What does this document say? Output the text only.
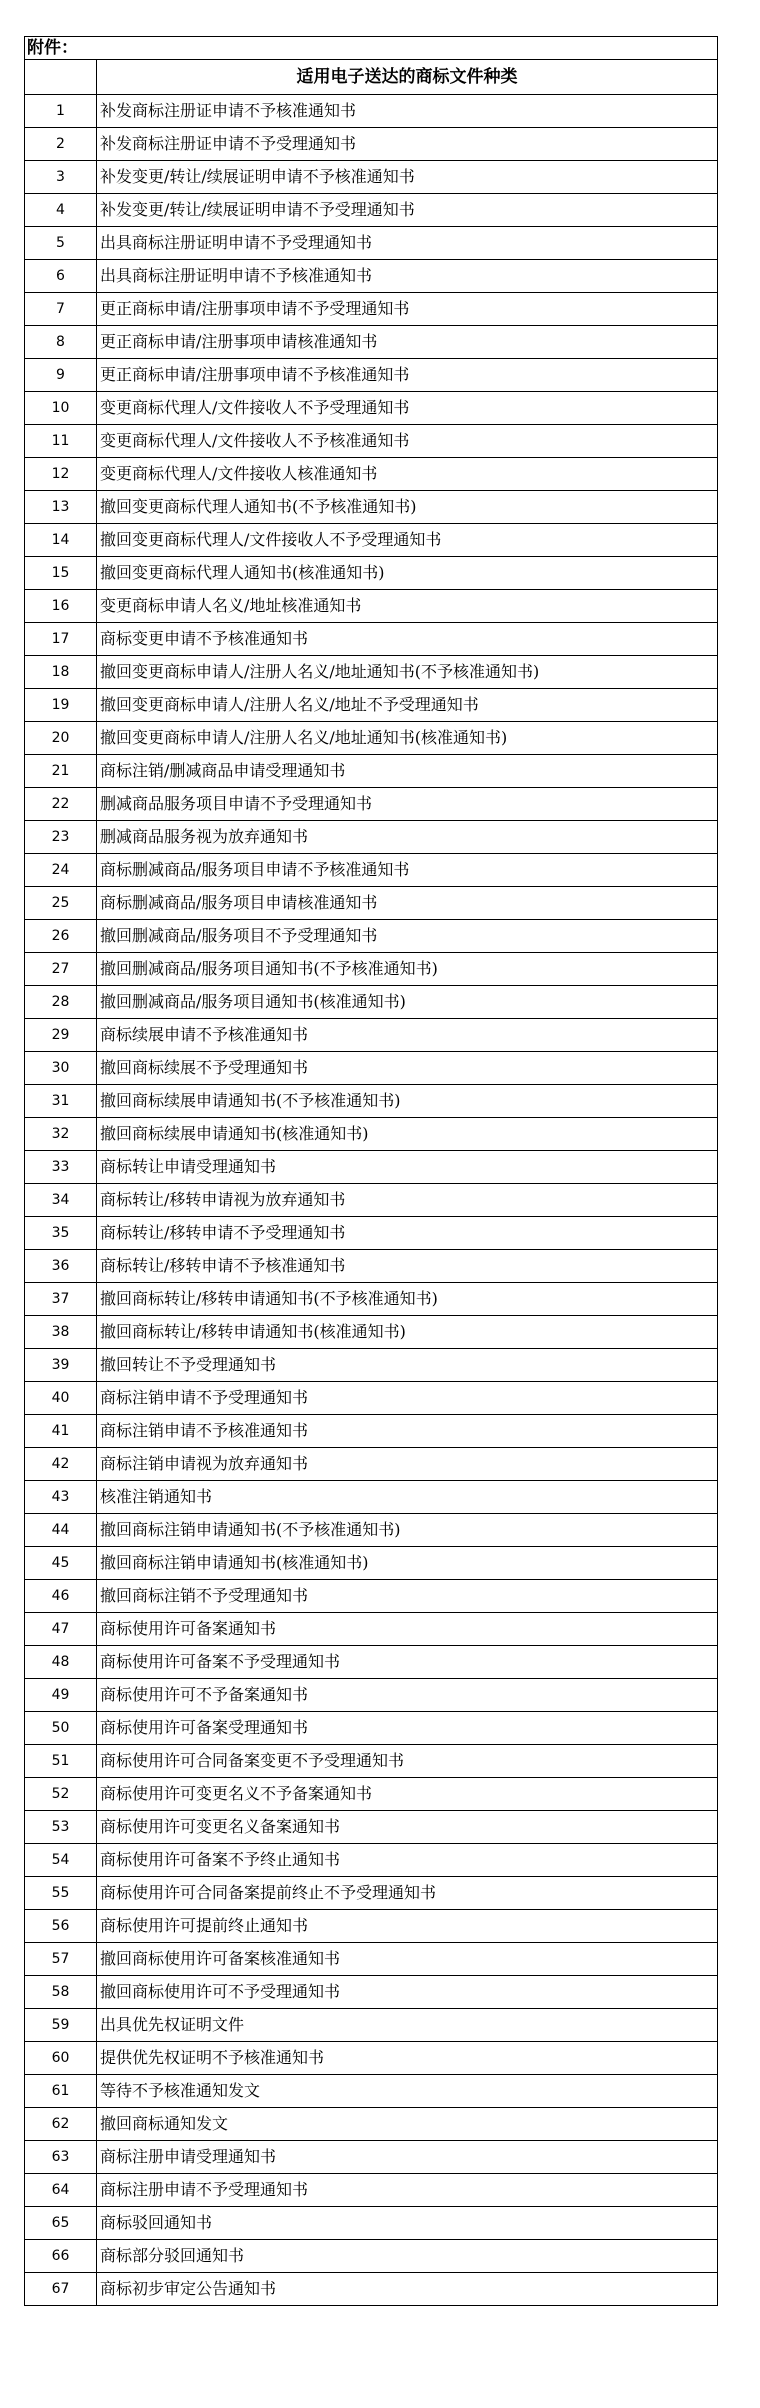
附件：	
	适用电子送达的商标文件种类
1	补发商标注册证申请不予核准通知书
2	补发商标注册证申请不予受理通知书
3	补发变更/转让/续展证明申请不予核准通知书
4	补发变更/转让/续展证明申请不予受理通知书
5	出具商标注册证明申请不予受理通知书
6	出具商标注册证明申请不予核准通知书
7	更正商标申请/注册事项申请不予受理通知书
8	更正商标申请/注册事项申请核准通知书
9	更正商标申请/注册事项申请不予核准通知书
10	变更商标代理人/文件接收人不予受理通知书
11	变更商标代理人/文件接收人不予核准通知书
12	变更商标代理人/文件接收人核准通知书
13	撤回变更商标代理人通知书(不予核准通知书)
14	撤回变更商标代理人/文件接收人不予受理通知书
15	撤回变更商标代理人通知书(核准通知书)
16	变更商标申请人名义/地址核准通知书
17	商标变更申请不予核准通知书
18	撤回变更商标申请人/注册人名义/地址通知书(不予核准通知书)
19	撤回变更商标申请人/注册人名义/地址不予受理通知书
20	撤回变更商标申请人/注册人名义/地址通知书(核准通知书)
21	商标注销/删减商品申请受理通知书
22	删减商品服务项目申请不予受理通知书
23	删减商品服务视为放弃通知书
24	商标删减商品/服务项目申请不予核准通知书
25	商标删减商品/服务项目申请核准通知书
26	撤回删减商品/服务项目不予受理通知书
27	撤回删减商品/服务项目通知书(不予核准通知书)
28	撤回删减商品/服务项目通知书(核准通知书)
29	商标续展申请不予核准通知书
30	撤回商标续展不予受理通知书
31	撤回商标续展申请通知书(不予核准通知书)
32	撤回商标续展申请通知书(核准通知书)
33	商标转让申请受理通知书
34	商标转让/移转申请视为放弃通知书
35	商标转让/移转申请不予受理通知书
36	商标转让/移转申请不予核准通知书
37	撤回商标转让/移转申请通知书(不予核准通知书)
38	撤回商标转让/移转申请通知书(核准通知书)
39	撤回转让不予受理通知书
40	商标注销申请不予受理通知书
41	商标注销申请不予核准通知书
42	商标注销申请视为放弃通知书
43	核准注销通知书
44	撤回商标注销申请通知书(不予核准通知书)
45	撤回商标注销申请通知书(核准通知书)
46	撤回商标注销不予受理通知书
47	商标使用许可备案通知书
48	商标使用许可备案不予受理通知书
49	商标使用许可不予备案通知书
50	商标使用许可备案受理通知书
51	商标使用许可合同备案变更不予受理通知书
52	商标使用许可变更名义不予备案通知书
53	商标使用许可变更名义备案通知书
54	商标使用许可备案不予终止通知书
55	商标使用许可合同备案提前终止不予受理通知书
56	商标使用许可提前终止通知书
57	撤回商标使用许可备案核准通知书
58	撤回商标使用许可不予受理通知书
59	出具优先权证明文件
60	提供优先权证明不予核准通知书
61	等待不予核准通知发文
62	撤回商标通知发文
63	商标注册申请受理通知书
64	商标注册申请不予受理通知书
65	商标驳回通知书
66	商标部分驳回通知书
67	商标初步审定公告通知书
